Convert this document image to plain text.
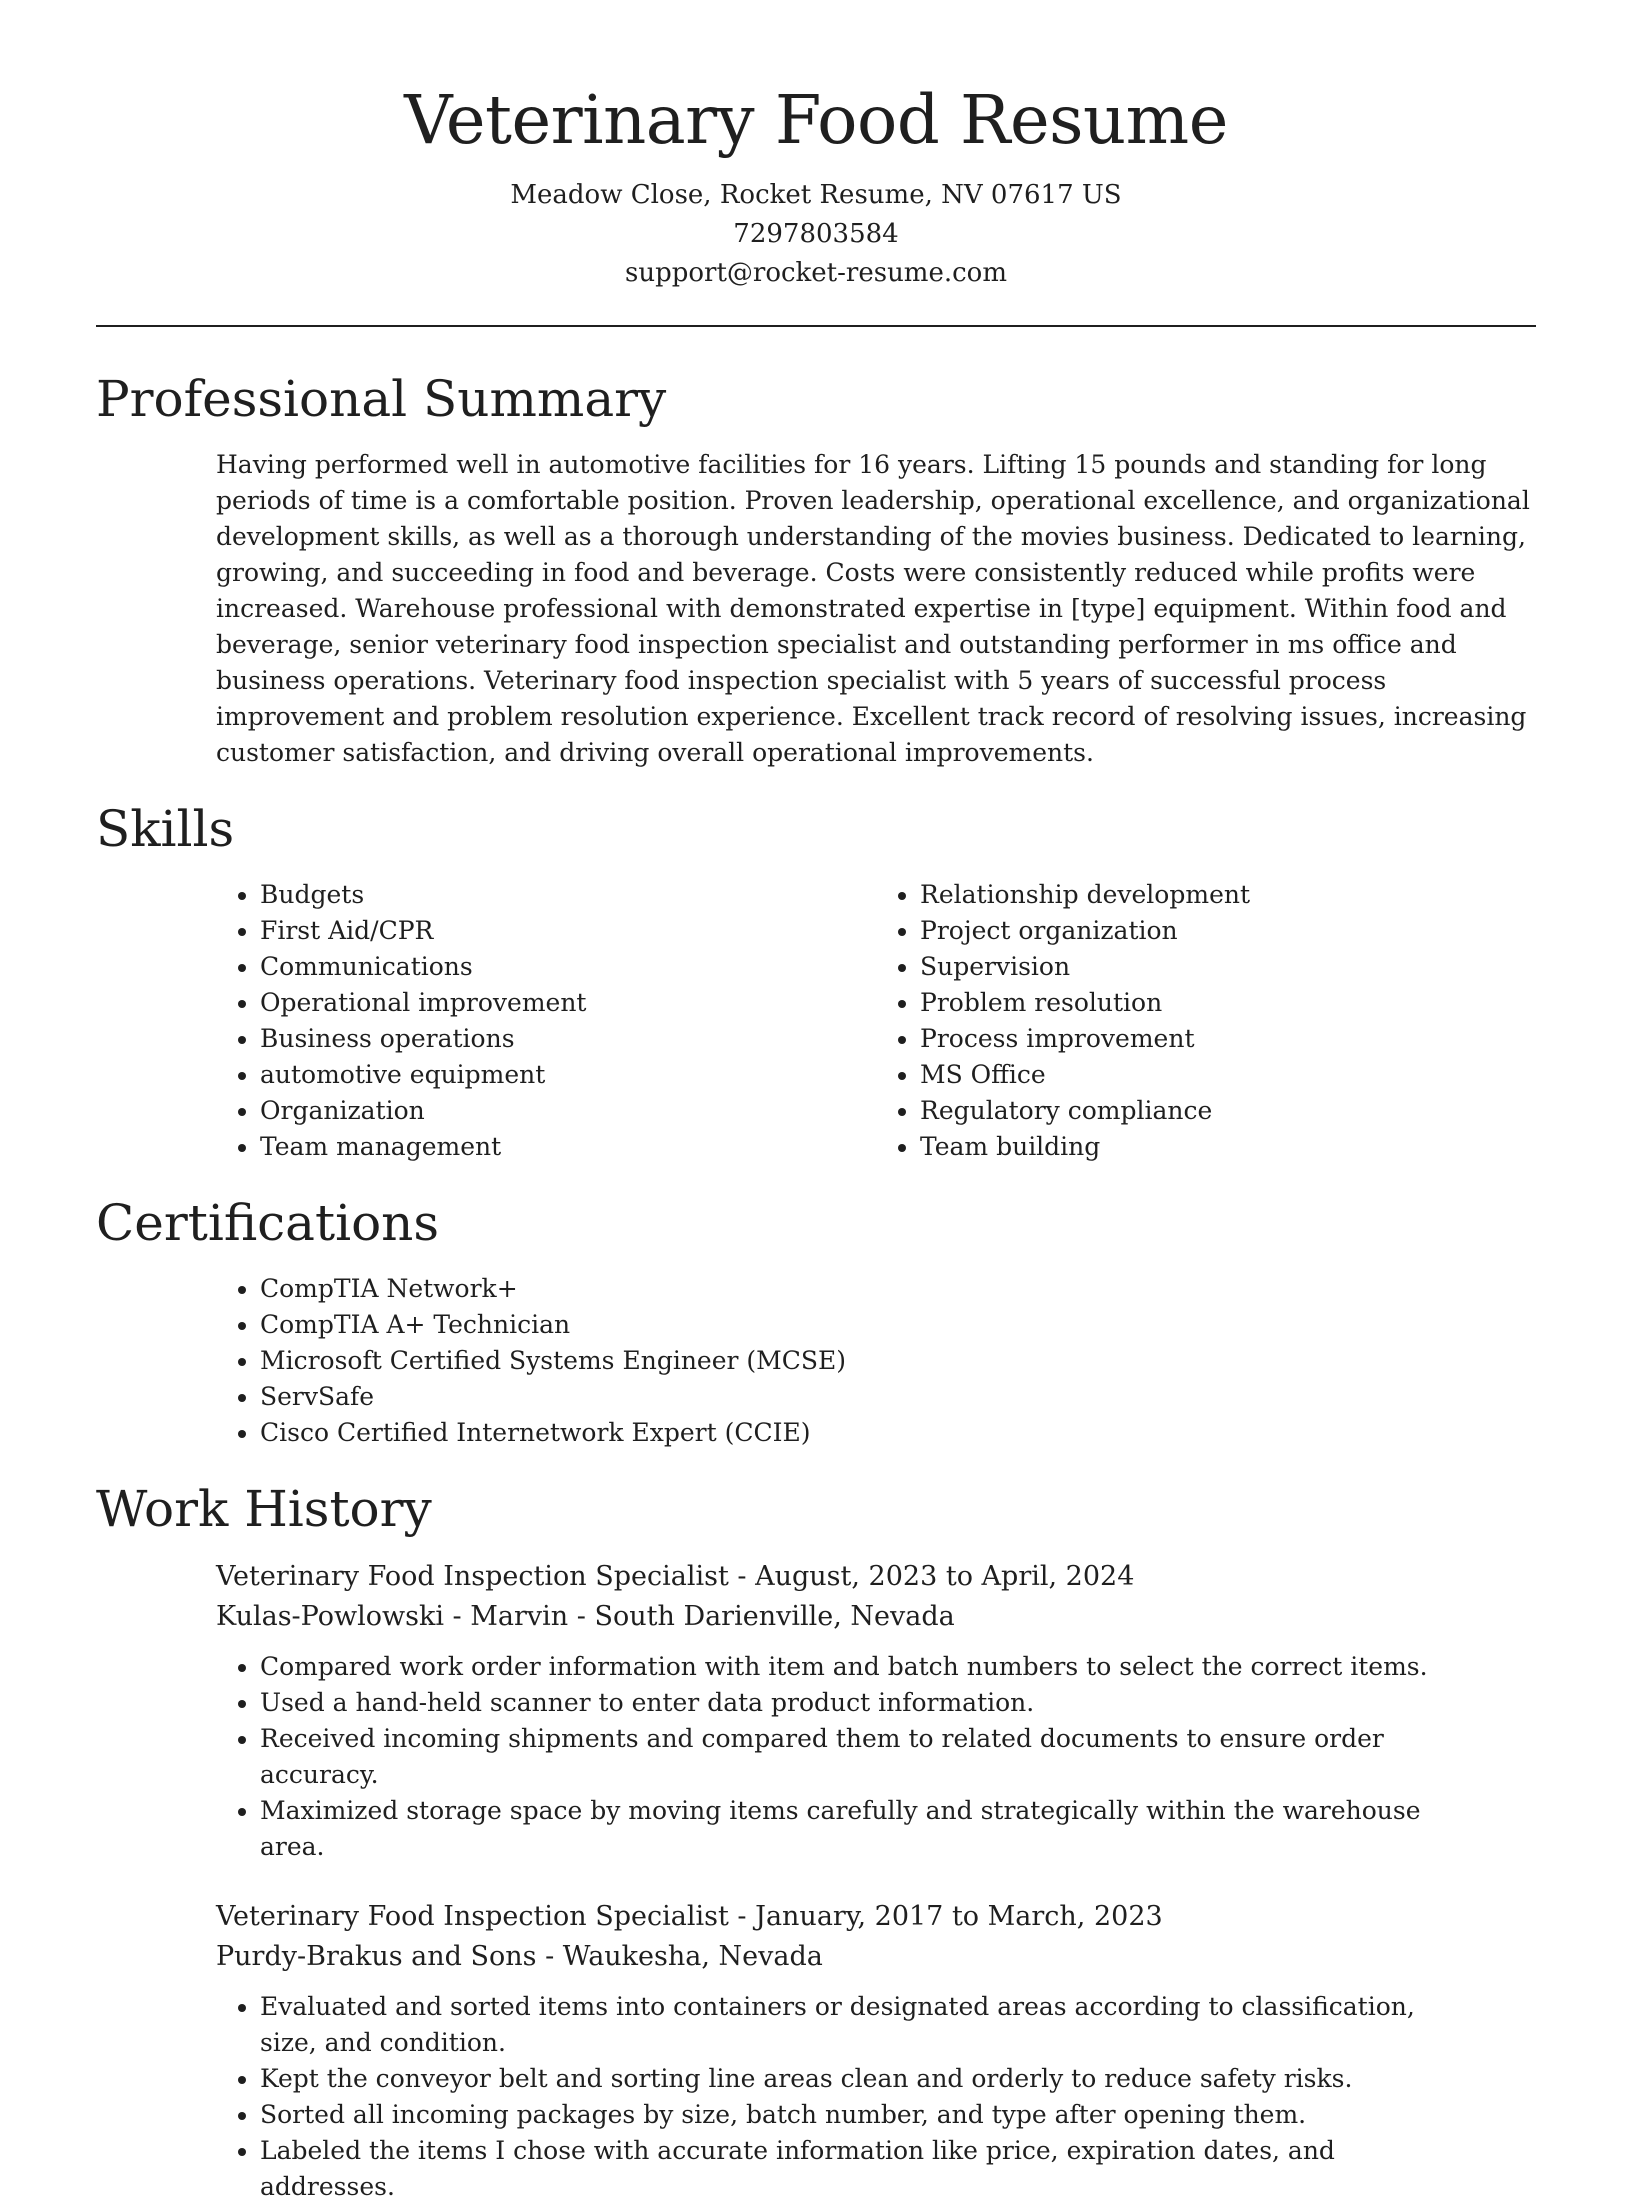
Veterinary Food Resume
Meadow Close, Rocket Resume, NV 07617 US
7297803584
support@rocket-resume.com
Professional Summary
Having performed well in automotive facilities for 16 years. Lifting 15 pounds and standing for long periods of time is a comfortable position. Proven leadership, operational excellence, and organizational development skills, as well as a thorough understanding of the movies business. Dedicated to learning, growing, and succeeding in food and beverage. Costs were consistently reduced while profits were increased. Warehouse professional with demonstrated expertise in [type] equipment. Within food and beverage, senior veterinary food inspection specialist and outstanding performer in ms office and business operations. Veterinary food inspection specialist with 5 years of successful process improvement and problem resolution experience. Excellent track record of resolving issues, increasing customer satisfaction, and driving overall operational improvements.
Skills
• Budgets
• First Aid/CPR
• Communications
• Operational improvement
• Business operations
• automotive equipment
• Organization
• Team management
• Relationship development
• Project organization
• Supervision
• Problem resolution
• Process improvement
• MS Office
• Regulatory compliance
• Team building
Certifications
• CompTIA Network+
• CompTIA A+ Technician
• Microsoft Certified Systems Engineer (MCSE)
• ServSafe
• Cisco Certified Internetwork Expert (CCIE)
Work History
Veterinary Food Inspection Specialist - August, 2023 to April, 2024
Kulas-Powlowski - Marvin - South Darienville, Nevada
• Compared work order information with item and batch numbers to select the correct items.
• Used a hand-held scanner to enter data product information.
• Received incoming shipments and compared them to related documents to ensure order accuracy.
• Maximized storage space by moving items carefully and strategically within the warehouse area.
Veterinary Food Inspection Specialist - January, 2017 to March, 2023
Purdy-Brakus and Sons - Waukesha, Nevada
• Evaluated and sorted items into containers or designated areas according to classification, size, and condition.
• Kept the conveyor belt and sorting line areas clean and orderly to reduce safety risks.
• Sorted all incoming packages by size, batch number, and type after opening them.
• Labeled the items I chose with accurate information like price, expiration dates, and addresses.
